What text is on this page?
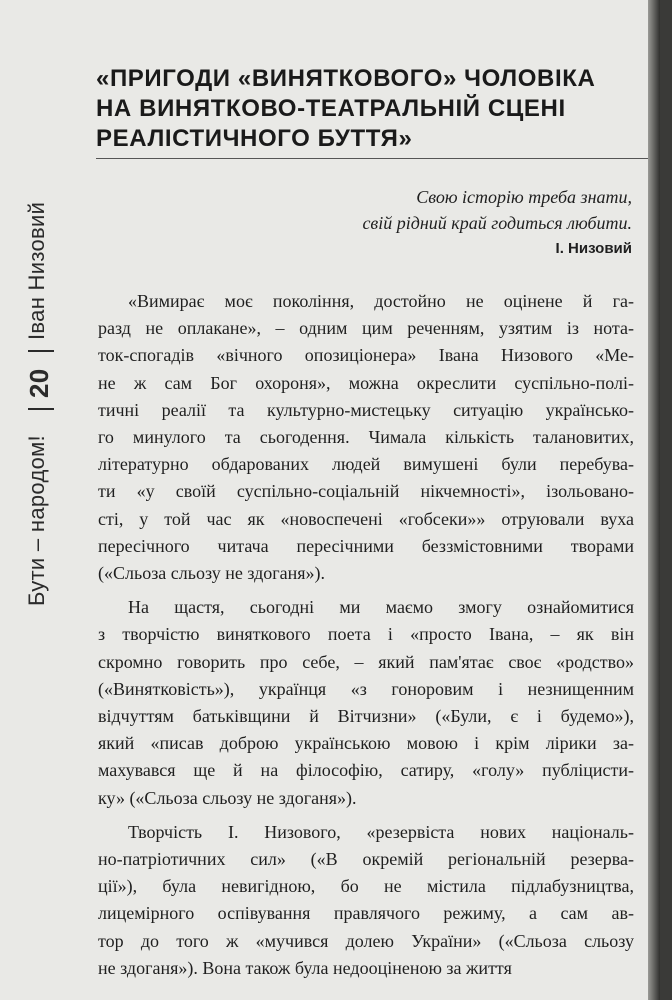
Іван Низовий
20
Бути – народом!
«ПРИГОДИ «ВИНЯТКОВОГО» ЧОЛОВІКА
НА ВИНЯТКОВО-ТЕАТРАЛЬНІЙ СЦЕНІ
РЕАЛІСТИЧНОГО БУТТЯ»
Свою історію треба знати,
свій рідний край годиться любити.
І. Низовий

«Вимирає моє покоління, достойно не оцінене й га-
разд не оплакане», – одним цим реченням, узятим із нота-
ток-спогадів «вічного опозиціонера» Івана Низового «Ме-
не ж сам Бог охороня», можна окреслити суспільно-полі-
тичні реалії та культурно-мистецьку ситуацію українсько-
го минулого та сьогодення. Чимала кількість талановитих,
літературно обдарованих людей вимушені були перебува-
ти «у своїй суспільно-соціальній нікчемності», ізольовано-
сті, у той час як «новоспечені «гобсеки»» отруювали вуха
пересічного читача пересічними беззмістовними творами
(«Сльоза сльозу не здоганя»).

На щастя, сьогодні ми маємо змогу ознайомитися
з творчістю виняткового поета і «просто Івана, – як він
скромно говорить про себе, – який пам'ятає своє «родство»
(«Винятковість»), українця «з гоноровим і незнищенним
відчуттям батьківщини й Вітчизни» («Були, є і будемо»),
який «писав доброю українською мовою і крім лірики за-
махувався ще й на філософію, сатиру, «голу» публіцисти-
ку» («Сльоза сльозу не здоганя»).

Творчість І. Низового, «резервіста нових національ-
но-патріотичних сил» («В окремій регіональній резерва-
ції»), була невигідною, бо не містила підлабузництва,
лицемірного оспівування правлячого режиму, а сам ав-
тор до того ж «мучився долею України» («Сльоза сльозу
не здоганя»). Вона також була недооціненою за життя
